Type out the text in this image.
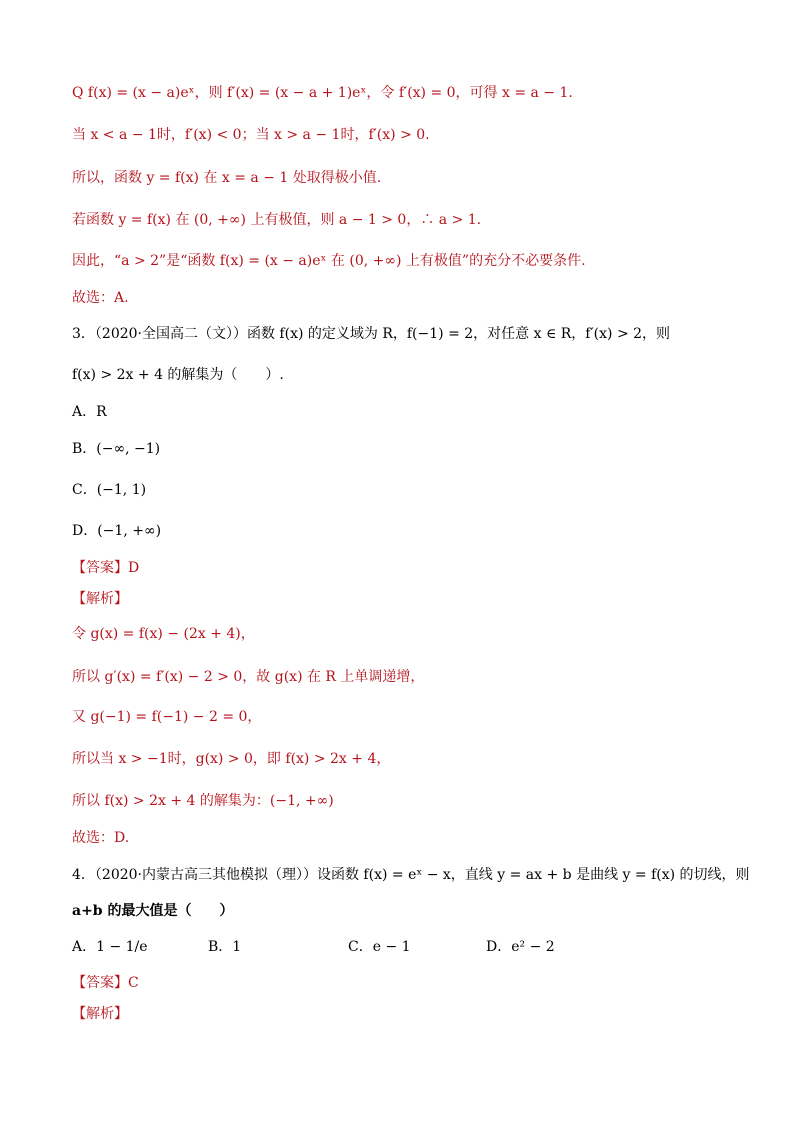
Q f(x) = (x − a)eˣ，则 f′(x) = (x − a + 1)eˣ，令 f′(x) = 0，可得 x = a − 1.
当 x < a − 1时，f′(x) < 0；当 x > a − 1时，f′(x) > 0.
所以，函数 y = f(x) 在 x = a − 1 处取得极小值.
若函数 y = f(x) 在 (0, +∞) 上有极值，则 a − 1 > 0，∴ a > 1.
因此，“a > 2”是“函数 f(x) = (x − a)eˣ 在 (0, +∞) 上有极值”的充分不必要条件.
故选：A.
3．（2020·全国高二（文））函数 f(x) 的定义域为 R，f(−1) = 2，对任意 x ∈ R，f′(x) > 2，则
f(x) > 2x + 4 的解集为（　　）.
A．R
B．(−∞, −1)
C．(−1, 1)
D．(−1, +∞)
【答案】D
【解析】
令 g(x) = f(x) − (2x + 4)，
所以 g′(x) = f′(x) − 2 > 0，故 g(x) 在 R 上单调递增，
又 g(−1) = f(−1) − 2 = 0，
所以当 x > −1时，g(x) > 0，即 f(x) > 2x + 4，
所以 f(x) > 2x + 4 的解集为：(−1, +∞)
故选：D.
4．（2020·内蒙古高三其他模拟（理））设函数 f(x) = eˣ − x，直线 y = ax + b 是曲线 y = f(x) 的切线，则
a+b 的最大值是（　　）
A．1 − 1/e	B．1	C．e − 1	D．e² − 2
【答案】C
【解析】
